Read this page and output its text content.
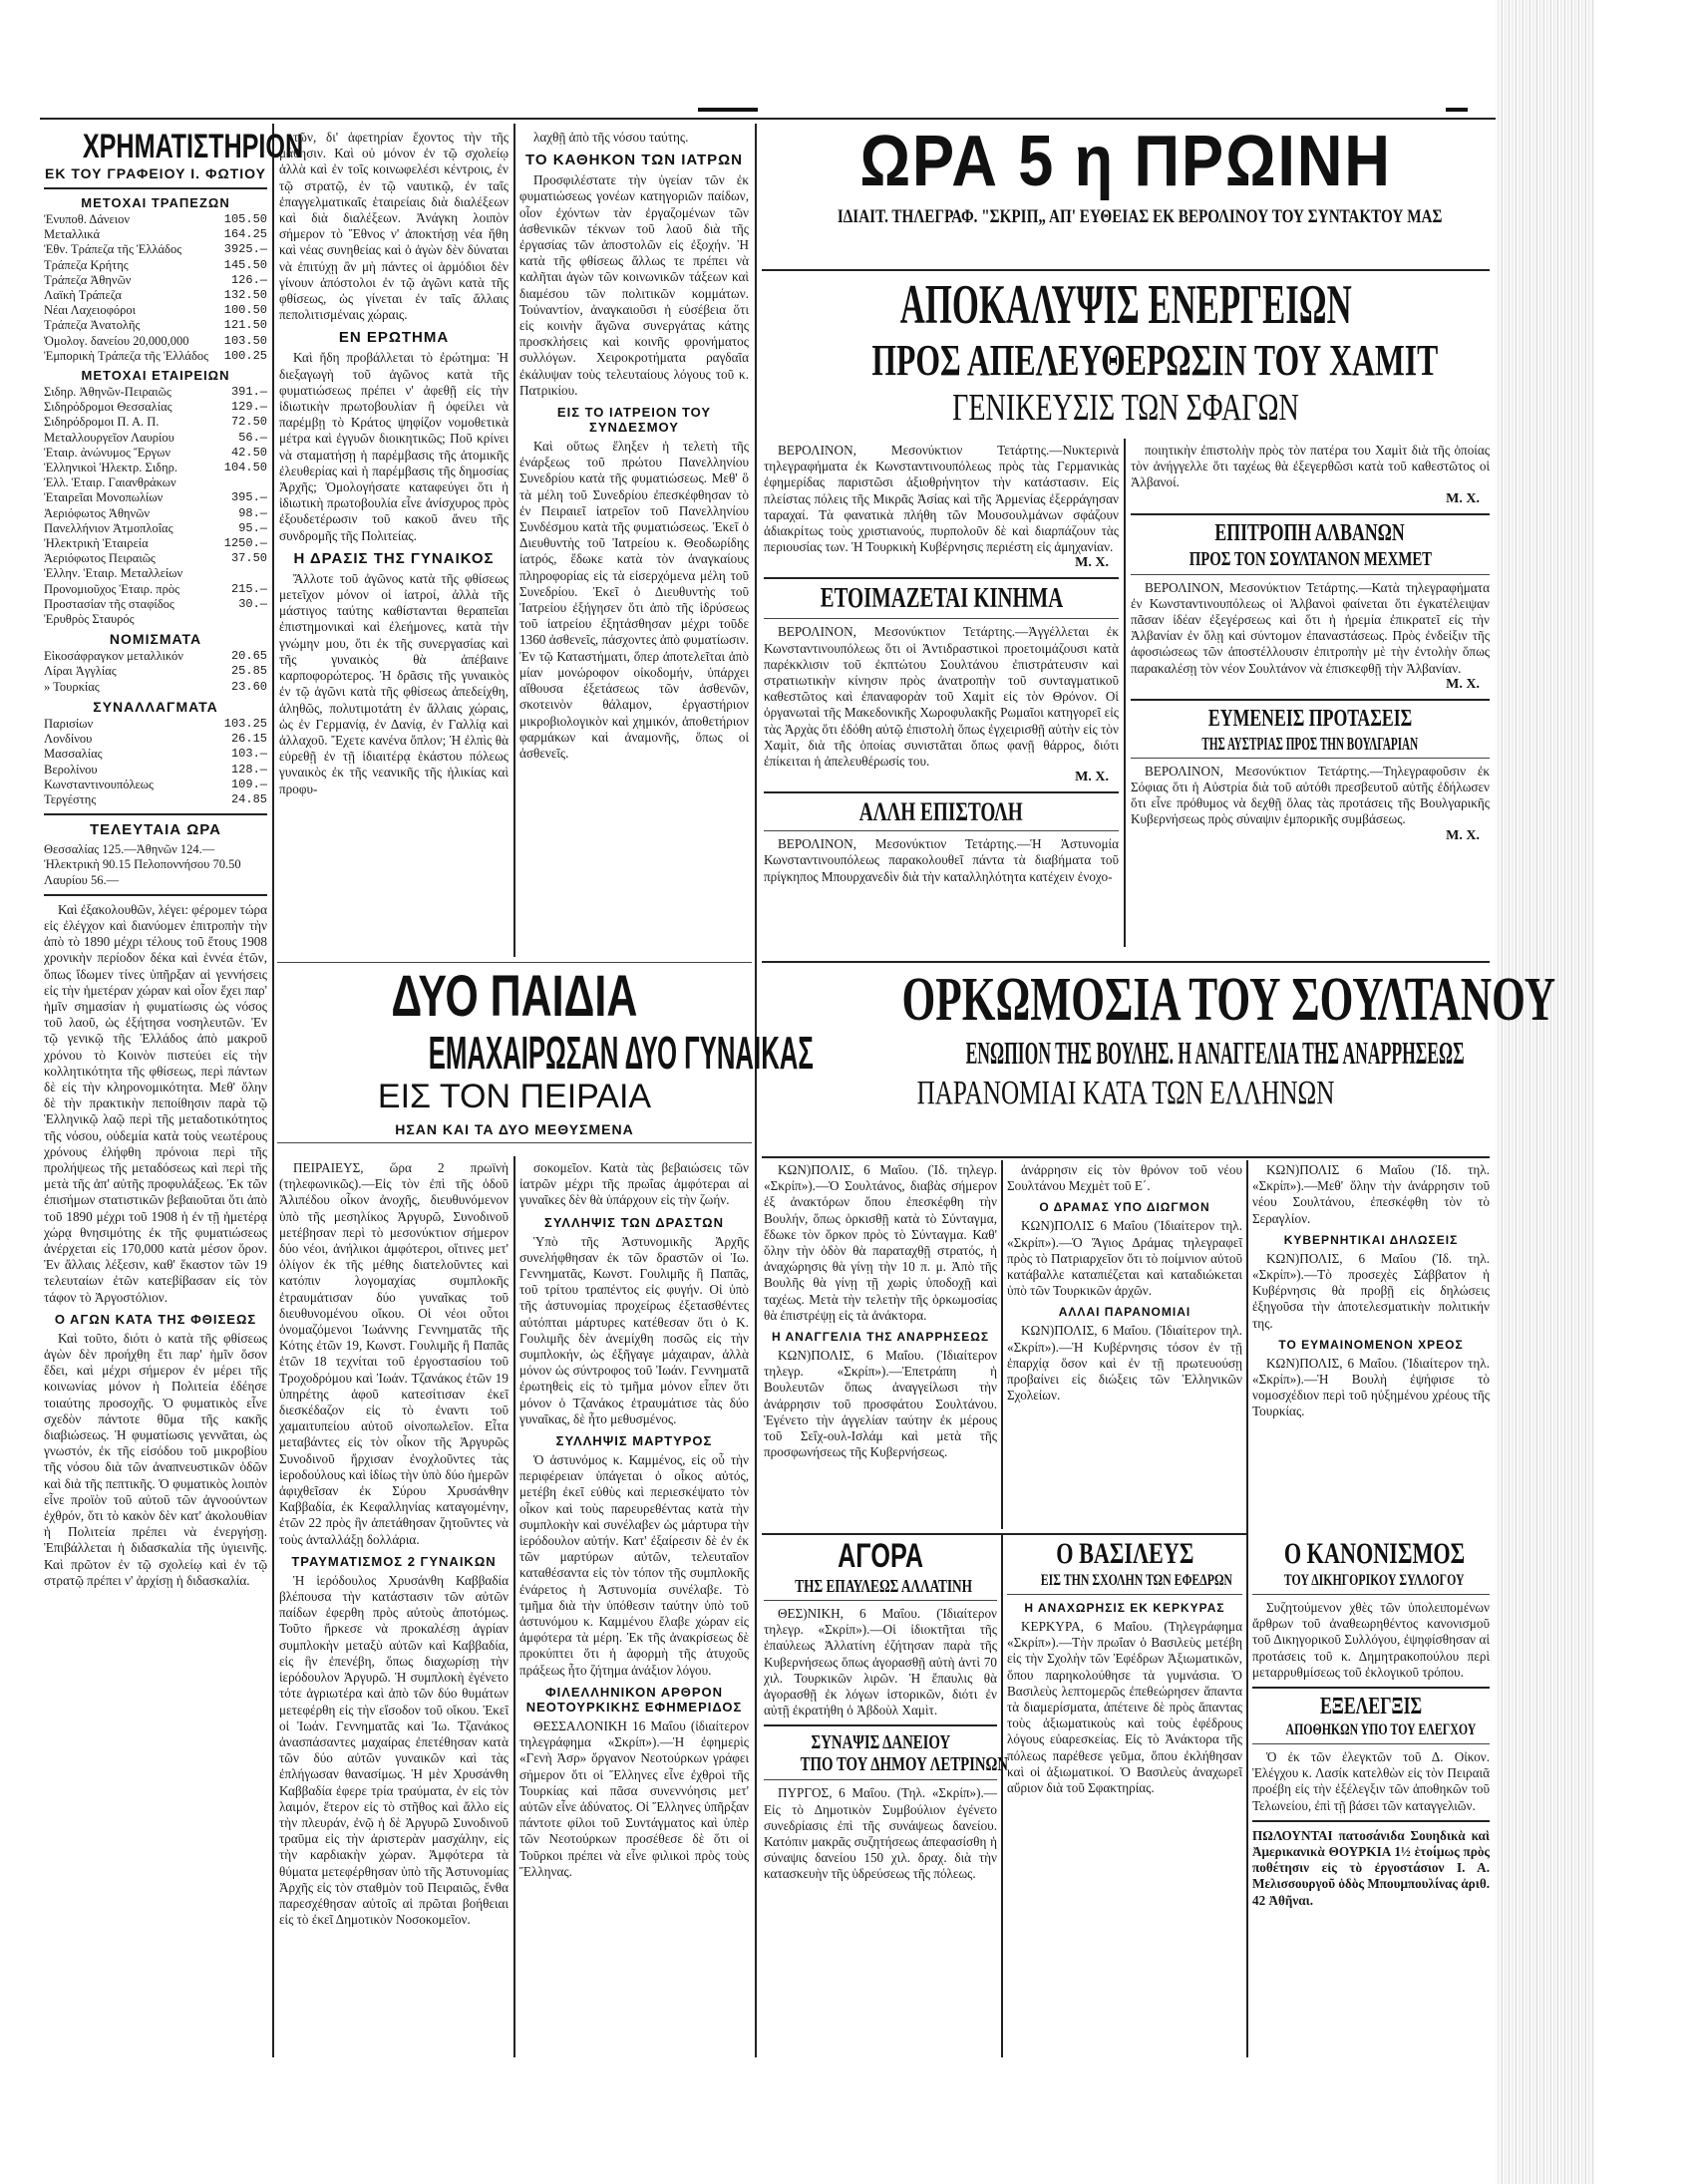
ΧΡΗΜΑΤΙΣΤΗΡΙΟΝ
ΕΚ ΤΟΥ ΓΡΑΦΕΙΟΥ Ι. ΦΩΤΙΟΥ
ΜΕΤΟΧΑΙ ΤΡΑΠΕΖΩΝ
Ἐνυποθ. Δάνειον	105.50
Μεταλλικά	164.25
Ἐθν. Τράπεζα τῆς Ἑλλάδος	3925.—
Τράπεζα Κρήτης	145.50
Τράπεζα Ἀθηνῶν	126.—
Λαϊκὴ Τράπεζα	132.50
Νέαι Λαχειοφόροι	100.50
Τράπεζα Ἀνατολῆς	121.50
Ὁμολογ. δανείου 20,000,000	103.50
Ἐμπορικὴ Τράπεζα τῆς Ἑλλάδος 100.25
ΜΕΤΟΧΑΙ ΕΤΑΙΡΕΙΩΝ
Σιδηρ. Ἀθηνῶν-Πειραιῶς	391.—
Σιδηρόδρομοι Θεσσαλίας	129.—
Σιδηρόδρομοι Π. Α. Π.	72.50
Μεταλλουργεῖον Λαυρίου	56.—
Ἑταιρ. ἀνώνυμος Ἔργων	42.50
Ἑλληνικοὶ Ἠλεκτρ. Σιδηρ.	104.50
Ἑλλ. Ἑταιρ. Γαιανθράκων
Ἑταιρεῖαι Μονοπωλίων	395.—
Ἀεριόφωτος Ἀθηνῶν	98.—
Πανελλήνιον Ἀτμοπλοΐας	95.—
Ἠλεκτρικὴ Ἑταιρεία	1250.—
Ἀεριόφωτος Πειραιῶς	37.50
Ἑλλην. Ἑταιρ. Μεταλλείων
Προνομιοῦχος Ἑταιρ. πρὸς	215.—
Προστασίαν τῆς σταφίδος	30.—
Ἐρυθρὸς Σταυρός
ΝΟΜΙΣΜΑΤΑ
Εἰκοσάφραγκον μεταλλικόν	20.65
Λίραι Ἀγγλίας	25.85
» Τουρκίας	23.60
ΣΥΝΑΛΛΑΓΜΑΤΑ
Παρισίων	103.25
Λονδίνου	26.15
Μασσαλίας	103.—
Βερολίνου	128.—
Κωνσταντινουπόλεως	109.—
Τεργέστης	24.85
ΤΕΛΕΥΤΑΙΑ ΩΡΑ
Θεσσαλίας 125.—Ἀθηνῶν 124.—
Ἠλεκτρικὴ 90.15 Πελοποννήσου 70.50
Λαυρίου 56.—
Καὶ ἐξακολουθῶν, λέγει: φέρομεν τώρα εἰς ἐλέγχον καὶ διανύομεν ἐπιτροπὴν τὴν ἀπὸ τὸ 1890 μέχρι τέλους τοῦ ἔτους 1908 χρονικὴν περίοδον δέκα καὶ ἑννέα ἐτῶν, ὅπως ἴδωμεν τίνες ὑπῆρξαν αἱ γεννήσεις εἰς τὴν ἡμετέραν χώραν καὶ οἷον ἔχει παρ' ἡμῖν σημασίαν ἡ φυματίωσις ὡς νόσος τοῦ λαοῦ, ὡς ἐξήτησα νοσηλευτῶν. Ἐν τῷ γενικῷ τῆς Ἑλλάδος ἀπὸ μακροῦ χρόνου τὸ Κοινὸν πιστεύει εἰς τὴν κολλητικότητα τῆς φθίσεως, περὶ πάντων δὲ εἰς τὴν κληρονομικότητα. Μεθ' ὅλην δὲ τὴν πρακτικὴν πεποίθησιν παρὰ τῷ Ἑλληνικῷ λαῷ περὶ τῆς μεταδοτικότητος τῆς νόσου, οὐδεμία κατὰ τοὺς νεωτέρους χρόνους ἐλήφθη πρόνοια περὶ τῆς προλήψεως τῆς μεταδόσεως καὶ περὶ τῆς μετὰ τῆς ἀπ' αὐτῆς προφυλάξεως. Ἐκ τῶν ἐπισήμων στατιστικῶν βεβαιοῦται ὅτι ἀπὸ τοῦ 1890 μέχρι τοῦ 1908 ἡ ἐν τῇ ἡμετέρᾳ χώρᾳ θνησιμότης ἐκ τῆς φυματιώσεως ἀνέρχεται εἰς 170,000 κατὰ μέσον ὅρον. Ἐν ἄλλαις λέξεσιν, καθ' ἕκαστον τῶν 19 τελευταίων ἐτῶν κατεβίβασαν εἰς τὸν τάφον τὸ Ἀργοστόλιον.
Ο ΑΓΩΝ ΚΑΤΑ ΤΗΣ ΦΘΙΣΕΩΣ
Καὶ τοῦτο, διότι ὁ κατὰ τῆς φθίσεως ἀγὼν δὲν προήχθη ἔτι παρ' ἡμῖν ὅσον ἔδει, καὶ μέχρι σήμερον ἐν μέρει τῆς κοινωνίας μόνον ἡ Πολιτεία ἐδέησε τοιαύτης προσοχῆς. Ὁ φυματικὸς εἶνε σχεδὸν πάντοτε θῦμα τῆς κακῆς διαβιώσεως. Ἡ φυματίωσις γεννᾶται, ὡς γνωστόν, ἐκ τῆς εἰσόδου τοῦ μικροβίου τῆς νόσου διὰ τῶν ἀναπνευστικῶν ὁδῶν καὶ διὰ τῆς πεπτικῆς. Ὁ φυματικὸς λοιπὸν εἶνε προϊὸν τοῦ αὐτοῦ τῶν ἀγνοούντων ἐχθρόν, ὅτι τὸ κακὸν δὲν κατ' ἀκολουθίαν ἡ Πολιτεία πρέπει νὰ ἐνεργήσῃ. Ἐπιβάλλεται ἡ διδασκαλία τῆς ὑγιεινῆς. Καὶ πρῶτον ἐν τῷ σχολείῳ καὶ ἐν τῷ στρατῷ πρέπει ν' ἀρχίσῃ ἡ διδασκαλία.
τῶν, δι' ἀφετηρίαν ἔχοντος τὴν τῆς μάθησιν. Καὶ οὐ μόνον ἐν τῷ σχολείῳ ἀλλὰ καὶ ἐν τοῖς κοινωφελέσι κέντροις, ἐν τῷ στρατῷ, ἐν τῷ ναυτικῷ, ἐν ταῖς ἐπαγγελματικαῖς ἑταιρείαις διὰ διαλέξεων καὶ διὰ διαλέξεων. Ἀνάγκη λοιπὸν σήμερον τὸ Ἔθνος ν' ἀποκτήσῃ νέα ἤθη καὶ νέας συνηθείας καὶ ὁ ἀγὼν δὲν δύναται νὰ ἐπιτύχῃ ἂν μὴ πάντες οἱ ἁρμόδιοι δὲν γίνουν ἀπόστολοι ἐν τῷ ἀγῶνι κατὰ τῆς φθίσεως, ὡς γίνεται ἐν ταῖς ἄλλαις πεπολιτισμέναις χώραις.
ΕΝ ΕΡΩΤΗΜΑ
Καὶ ἤδη προβάλλεται τὸ ἐρώτημα: Ἡ διεξαγωγὴ τοῦ ἀγῶνος κατὰ τῆς φυματιώσεως πρέπει ν' ἀφεθῇ εἰς τὴν ἰδιωτικὴν πρωτοβουλίαν ἢ ὀφείλει νὰ παρέμβῃ τὸ Κράτος ψηφίζον νομοθετικὰ μέτρα καὶ ἐγγυῶν διοικητικῶς; Ποῦ κρίνει νὰ σταματήσῃ ἡ παρέμβασις τῆς ἀτομικῆς ἐλευθερίας καὶ ἡ παρέμβασις τῆς δημοσίας Ἀρχῆς; Ὁμολογήσατε καταφεύγει ὅτι ἡ ἰδιωτικὴ πρωτοβουλία εἶνε ἀνίσχυρος πρὸς ἐξουδετέρωσιν τοῦ κακοῦ ἄνευ τῆς συνδρομῆς τῆς Πολιτείας.
Η ΔΡΑΣΙΣ ΤΗΣ ΓΥΝΑΙΚΟΣ
Ἄλλοτε τοῦ ἀγῶνος κατὰ τῆς φθίσεως μετεῖχον μόνον οἱ ἰατροί, ἀλλὰ τῆς μάστιγος ταύτης καθίστανται θεραπεῖαι ἐπιστημονικαὶ καὶ ἐλεήμονες, κατὰ τὴν γνώμην μου, ὅτι ἐκ τῆς συνεργασίας καὶ τῆς γυναικὸς θὰ ἀπέβαινε καρποφορώτερος. Ἡ δρᾶσις τῆς γυναικὸς ἐν τῷ ἀγῶνι κατὰ τῆς φθίσεως ἀπεδείχθη, ἀληθῶς, πολυτιμοτάτη ἐν ἄλλαις χώραις, ὡς ἐν Γερμανίᾳ, ἐν Δανίᾳ, ἐν Γαλλίᾳ καὶ ἀλλαχοῦ. Ἔχετε κανένα ὄπλον; Ἡ ἐλπὶς θὰ εὑρεθῇ ἐν τῇ ἰδιαιτέρᾳ ἑκάστου πόλεως γυναικὸς ἐκ τῆς νεανικῆς τῆς ἡλικίας καὶ προφυ-
λαχθῇ ἀπὸ τῆς νόσου ταύτης.
ΤΟ ΚΑΘΗΚΟΝ ΤΩΝ ΙΑΤΡΩΝ
Προσφιλέστατε τὴν ὑγείαν τῶν ἐκ φυματιώσεως γονέων κατηγοριῶν παίδων, οἷον ἐχόντων τὰν ἐργαζομένων τῶν ἀσθενικῶν τέκνων τοῦ λαοῦ διὰ τῆς ἐργασίας τῶν ἀποστολῶν εἰς ἐξοχήν. Ἡ κατὰ τῆς φθίσεως ἄλλως τε πρέπει νὰ καλῆται ἀγὼν τῶν κοινωνικῶν τάξεων καὶ διαμέσου τῶν πολιτικῶν κομμάτων. Τοὐναντίον, ἀναγκαιοῦσι ἡ εὐσέβεια ὅτι εἰς κοινὴν ἄγῶνα συνεργάτας κάτης προσκλήσεις καὶ κοινῆς φρονήματος συλλόγων. Χειροκροτήματα ραγδαῖα ἐκάλυψαν τοὺς τελευταίους λόγους τοῦ κ. Πατρικίου.
ΕΙΣ ΤΟ ΙΑΤΡΕΙΟΝ ΤΟΥ ΣΥΝΔΕΣΜΟΥ
Καὶ οὕτως ἔληξεν ἡ τελετὴ τῆς ἐνάρξεως τοῦ πρώτου Πανελληνίου Συνεδρίου κατὰ τῆς φυματιώσεως. Μεθ' ὃ τὰ μέλη τοῦ Συνεδρίου ἐπεσκέφθησαν τὸ ἐν Πειραιεῖ ἰατρεῖον τοῦ Πανελληνίου Συνδέσμου κατὰ τῆς φυματιώσεως. Ἐκεῖ ὁ Διευθυντὴς τοῦ Ἰατρείου κ. Θεοδωρίδης ἰατρός, ἔδωκε κατὰ τὸν ἀναγκαίους πληροφορίας εἰς τὰ εἰσερχόμενα μέλη τοῦ Συνεδρίου. Ἐκεῖ ὁ Διευθυντὴς τοῦ Ἰατρείου ἐξήγησεν ὅτι ἀπὸ τῆς ἱδρύσεως τοῦ ἰατρείου ἐξητάσθησαν μέχρι τοῦδε 1360 ἀσθενεῖς, πάσχοντες ἀπὸ φυματίωσιν. Ἐν τῷ Καταστήματι, ὅπερ ἀποτελεῖται ἀπὸ μίαν μονώροφον οἰκοδομήν, ὑπάρχει αἴθουσα ἐξετάσεως τῶν ἀσθενῶν, σκοτεινὸν θάλαμον, ἐργαστήριον μικροβιολογικὸν καὶ χημικόν, ἀποθετήριον φαρμάκων καὶ ἀναμονῆς, ὅπως οἱ ἀσθενεῖς.
ΔΥΟ ΠΑΙΔΙΑ
ΕΜΑΧΑΙΡΩΣΑΝ ΔΥΟ ΓΥΝΑΙΚΑΣ
ΕΙΣ ΤΟΝ ΠΕΙΡΑΙΑ
ΗΣΑΝ ΚΑΙ ΤΑ ΔΥΟ ΜΕΘΥΣΜΕΝΑ
ΠΕΙΡΑΙΕΥΣ, ὥρα 2 πρωϊνὴ (τηλεφωνικῶς).—Εἰς τὸν ἐπὶ τῆς ὁδοῦ Ἀλιπέδου οἶκον ἀνοχῆς, διευθυνόμενον ὑπὸ τῆς μεσηλίκος Ἀργυρῶ, Συνοδινοῦ μετέβησαν περὶ τὸ μεσονύκτιον σήμερον δύο νέοι, ἀνήλικοι ἀμφότεροι, οἵτινες μετ' ὀλίγον ἐκ τῆς μέθης διατελοῦντες καὶ κατόπιν λογομαχίας συμπλοκῆς ἐτραυμάτισαν δύο γυναῖκας τοῦ διευθυνομένου οἴκου. Οἱ νέοι οὗτοι ὀνομαζόμενοι Ἰωάννης Γεννηματᾶς τῆς Κότης ἐτῶν 19, Κωνστ. Γουλιμῆς ἢ Παπᾶς ἐτῶν 18 τεχνίται τοῦ ἐργοστασίου τοῦ Τροχοδρόμου καὶ Ἰωάν. Τζανάκος ἐτῶν 19 ὑπηρέτης ἀφοῦ κατεσίτισαν ἐκεῖ διεσκέδαζον εἰς τὸ ἐναντι τοῦ χαμαιτυπείου αὐτοῦ οἰνοπωλεῖον. Εἶτα μεταβάντες εἰς τὸν οἶκον τῆς Ἀργυρῶς Συνοδινοῦ ἤρχισαν ἐνοχλοῦντες τὰς ἱεροδούλους καὶ ἰδίως τὴν ὑπὸ δύο ἡμερῶν ἀφιχθεῖσαν ἐκ Σύρου Χρυσάνθην Καββαδία, ἐκ Κεφαλληνίας καταγομένην, ἐτῶν 22 πρὸς ἣν ἀπετάθησαν ζητοῦντες νὰ τοὺς ἀνταλλάξῃ δολλάρια.
ΤΡΑΥΜΑΤΙΣΜΟΣ 2 ΓΥΝΑΙΚΩΝ
Ἡ ἱερόδουλος Χρυσάνθη Καββαδία βλέπουσα τὴν κατάστασιν τῶν αὐτῶν παίδων ἐφερθη πρὸς αὐτοὺς ἀποτόμως. Τοῦτο ἤρκεσε νὰ προκαλέσῃ ἀγρίαν συμπλοκὴν μεταξὺ αὐτῶν καὶ Καββαδία, εἰς ἣν ἐπενέβη, ὅπως διαχωρίσῃ τὴν ἱερόδουλον Ἀργυρῶ. Ἡ συμπλοκὴ ἐγένετο τότε ἀγριωτέρα καὶ ἀπὸ τῶν δύο θυμάτων μετεφέρθη εἰς τὴν εἴσοδον τοῦ οἴκου. Ἐκεῖ οἱ Ἰωάν. Γεννηματᾶς καὶ Ἰω. Τζανάκος ἀνασπάσαντες μαχαίρας ἐπετέθησαν κατὰ τῶν δύο αὐτῶν γυναικῶν καὶ τὰς ἐπλήγωσαν θανασίμως. Ἡ μὲν Χρυσάνθη Καββαδία ἐφερε τρία τραύματα, ἐν εἰς τὸν λαιμόν, ἕτερον εἰς τὸ στῆθος καὶ ἄλλο εἰς τὴν πλευράν, ἐνῷ ἡ δὲ Ἀργυρῶ Συνοδινοῦ τραῦμα εἰς τὴν ἀριστερὰν μασχάλην, εἰς τὴν καρδιακὴν χώραν. Ἀμφότερα τὰ θύματα μετεφέρθησαν ὑπὸ τῆς Ἀστυνομίας Ἀρχῆς εἰς τὸν σταθμὸν τοῦ Πειραιῶς, ἔνθα παρεσχέθησαν αὐτοῖς αἱ πρῶται βοήθειαι εἰς τὸ ἐκεῖ Δημοτικὸν Νοσοκομεῖον.
σοκομεῖον. Κατὰ τὰς βεβαιώσεις τῶν ἰατρῶν μέχρι τῆς πρωΐας ἀμφότεραι αἱ γυναῖκες δὲν θὰ ὑπάρχουν εἰς τὴν ζωήν.
ΣΥΛΛΗΨΙΣ ΤΩΝ ΔΡΑΣΤΩΝ
Ὑπὸ τῆς Ἀστυνομικῆς Ἀρχῆς συνελήφθησαν ἐκ τῶν δραστῶν οἱ Ἰω. Γεννηματᾶς, Κωνστ. Γουλιμῆς ἢ Παπᾶς, τοῦ τρίτου τραπέντος εἰς φυγήν. Οἱ ὑπὸ τῆς ἀστυνομίας προχείρως ἐξετασθέντες αὐτόπται μάρτυρες κατέθεσαν ὅτι ὁ Κ. Γουλιμῆς δὲν ἀνεμίχθη ποσῶς εἰς τὴν συμπλοκήν, ὡς ἐξῆγαγε μάχαιραν, ἀλλὰ μόνον ὡς σύντροφος τοῦ Ἰωάν. Γεννηματᾶ ἐρωτηθεὶς εἰς τὸ τμῆμα μόνον εἶπεν ὅτι μόνον ὁ Τζανάκος ἐτραυμάτισε τὰς δύο γυναῖκας, δὲ ἦτο μεθυσμένος.
ΣΥΛΛΗΨΙΣ ΜΑΡΤΥΡΟΣ
Ὁ ἀστυνόμος κ. Καμμένος, εἰς οὗ τὴν περιφέρειαν ὑπάγεται ὁ οἶκος αὐτός, μετέβη ἐκεῖ εὐθὺς καὶ περιεσκέψατο τὸν οἶκον καὶ τοὺς παρευρεθέντας κατὰ τὴν συμπλοκὴν καὶ συνέλαβεν ὡς μάρτυρα τὴν ἱερόδουλον αὐτήν. Κατ' ἐξαίρεσιν δὲ ἐν ἐκ τῶν μαρτύρων αὐτῶν, τελευταῖον καταθέσαντα εἰς τὸν τόπον τῆς συμπλοκῆς ἐνάρετος ἡ Ἀστυνομία συνέλαβε. Τὸ τμῆμα διὰ τὴν ὑπόθεσιν ταύτην ὑπὸ τοῦ ἀστυνόμου κ. Καμμένου ἔλαβε χώραν εἰς ἀμφότερα τὰ μέρη. Ἐκ τῆς ἀνακρίσεως δὲ προκύπτει ὅτι ἡ ἀφορμὴ τῆς ἀτυχοῦς πράξεως ἦτο ζήτημα ἀνάξιον λόγου.
ΦΙΛΕΛΛΗΝΙΚΟΝ ΑΡΘΡΟΝ ΝΕΟΤΟΥΡΚΙΚΗΣ ΕΦΗΜΕΡΙΔΟΣ
ΘΕΣΣΑΛΟΝΙΚΗ 16 Μαΐου (ἰδιαίτερον τηλεγράφημα «Σκρίπ»).—Ἡ ἐφημερὶς «Γενὴ Ἀσρ» ὄργανον Νεοτούρκων γράφει σήμερον ὅτι οἱ Ἕλληνες εἶνε ἐχθροὶ τῆς Τουρκίας καὶ πᾶσα συνεννόησις μετ' αὐτῶν εἶνε ἀδύνατος. Οἱ Ἕλληνες ὑπῆρξαν πάντοτε φίλοι τοῦ Συντάγματος καὶ ὑπὲρ τῶν Νεοτούρκων προσέθεσε δὲ ὅτι οἱ Τοῦρκοι πρέπει νὰ εἶνε φιλικοὶ πρὸς τοὺς Ἕλληνας.
ΩΡΑ 5 η ΠΡΩΙΝΗ
ΙΔΙΑΙΤ. ΤΗΛΕΓΡΑΦ. "ΣΚΡΙΠ„ ΑΠ' ΕΥΘΕΙΑΣ ΕΚ ΒΕΡΟΛΙΝΟΥ ΤΟΥ ΣΥΝΤΑΚΤΟΥ ΜΑΣ
ΑΠΟΚΑΛΥΨΙΣ ΕΝΕΡΓΕΙΩΝ
ΠΡΟΣ ΑΠΕΛΕΥΘΕΡΩΣΙΝ ΤΟΥ ΧΑΜΙΤ
ΓΕΝΙΚΕΥΣΙΣ ΤΩΝ ΣΦΑΓΩΝ
ΒΕΡΟΛΙΝΟΝ, Μεσονύκτιον Τετάρτης.—Νυκτερινὰ τηλεγραφήματα ἐκ Κωνσταντινουπόλεως πρὸς τὰς Γερμανικὰς ἐφημερίδας παριστῶσι ἀξιοθρήνητον τὴν κατάστασιν. Εἰς πλείστας πόλεις τῆς Μικρᾶς Ἀσίας καὶ τῆς Ἀρμενίας ἐξερράγησαν ταραχαί. Τὰ φανατικὰ πλήθη τῶν Μουσουλμάνων σφάζουν ἀδιακρίτως τοὺς χριστιανούς, πυρπολοῦν δὲ καὶ διαρπάζουν τὰς περιουσίας των. Ἡ Τουρκικὴ Κυβέρνησις περιέστη εἰς ἀμηχανίαν.
Μ. Χ.
ΕΤΟΙΜΑΖΕΤΑΙ ΚΙΝΗΜΑ
ΒΕΡΟΛΙΝΟΝ, Μεσονύκτιον Τετάρτης.—Ἀγγέλλεται ἐκ Κωνσταντινουπόλεως ὅτι οἱ Ἀντιδραστικοὶ προετοιμάζουσι κατὰ παρέκκλισιν τοῦ ἐκπτώτου Σουλτάνου ἐπιστράτευσιν καὶ στρατιωτικὴν κίνησιν πρὸς ἀνατροπὴν τοῦ συνταγματικοῦ καθεστῶτος καὶ ἐπαναφορὰν τοῦ Χαμὶτ εἰς τὸν Θρόνον. Οἱ ὀργανωταὶ τῆς Μακεδονικῆς Χωροφυλακῆς Ρωμαῖοι κατηγορεῖ εἰς τὰς Ἀρχὰς ὅτι ἐδόθη αὐτῷ ἐπιστολὴ ὅπως ἐγχειρισθῇ αὐτὴν εἰς τὸν Χαμὶτ, διὰ τῆς ὁποίας συνιστᾶται ὅπως φανῇ θάρρος, διότι ἐπίκειται ἡ ἀπελευθέρωσίς του.
Μ. Χ.
ΑΛΛΗ ΕΠΙΣΤΟΛΗ
ΒΕΡΟΛΙΝΟΝ, Μεσονύκτιον Τετάρτης.—Ἡ Ἀστυνομία Κωνσταντινουπόλεως παρακολουθεῖ πάντα τὰ διαβήματα τοῦ πρίγκηπος Μπουρχανεδὶν διὰ τὴν καταλληλότητα κατέχειν ἐνοχο-
ποιητικὴν ἐπιστολὴν πρὸς τὸν πατέρα του Χαμὶτ διὰ τῆς ὁποίας τὸν ἀνήγγελλε ὅτι ταχέως θὰ ἐξεγερθῶσι κατὰ τοῦ καθεστῶτος οἱ Ἀλβανοί.
Μ. Χ.
ΕΠΙΤΡΟΠΗ ΑΛΒΑΝΩΝ
ΠΡΟΣ ΤΟΝ ΣΟΥΛΤΑΝΟΝ ΜΕΧΜΕΤ
ΒΕΡΟΛΙΝΟΝ, Μεσονύκτιον Τετάρτης.—Κατὰ τηλεγραφήματα ἐν Κωνσταντινουπόλεως οἱ Ἀλβανοὶ φαίνεται ὅτι ἐγκατέλειψαν πᾶσαν ἰδέαν ἐξεγέρσεως καὶ ὅτι ἡ ἠρεμία ἐπικρατεῖ εἰς τὴν Ἀλβανίαν ἐν ὅλῃ καὶ σύντομον ἐπαναστάσεως. Πρὸς ἐνδείξιν τῆς ἀφοσιώσεως τῶν ἀποστέλλουσιν ἐπιτροπὴν μὲ τὴν ἐντολὴν ὅπως παρακαλέσῃ τὸν νέον Σουλτάνον νὰ ἐπισκεφθῇ τὴν Ἀλβανίαν.
Μ. Χ.
ΕΥΜΕΝΕΙΣ ΠΡΟΤΑΣΕΙΣ
ΤΗΣ ΑΥΣΤΡΙΑΣ ΠΡΟΣ ΤΗΝ ΒΟΥΛΓΑΡΙΑΝ
ΒΕΡΟΛΙΝΟΝ, Μεσονύκτιον Τετάρτης.—Τηλεγραφοῦσιν ἐκ Σόφιας ὅτι ἡ Αὐστρία διὰ τοῦ αὐτόθι πρεσβευτοῦ αὐτῆς ἐδήλωσεν ὅτι εἶνε πρόθυμος νὰ δεχθῇ ὅλας τὰς προτάσεις τῆς Βουλγαρικῆς Κυβερνήσεως πρὸς σύναψιν ἐμπορικῆς συμβάσεως.
Μ. Χ.
ΟΡΚΩΜΟΣΙΑ ΤΟΥ ΣΟΥΛΤΑΝΟΥ
ΕΝΩΠΙΟΝ ΤΗΣ ΒΟΥΛΗΣ. Η ΑΝΑΓΓΕΛΙΑ ΤΗΣ ΑΝΑΡΡΗΣΕΩΣ
ΠΑΡΑΝΟΜΙΑΙ ΚΑΤΑ ΤΩΝ ΕΛΛΗΝΩΝ
ΚΩΝ)ΠΟΛΙΣ, 6 Μαΐου. (Ἰδ. τηλεγρ. «Σκρίπ»).—Ὁ Σουλτάνος, διαβὰς σήμερον ἐξ ἀνακτόρων ὅπου ἐπεσκέφθη τὴν Βουλήν, ὅπως ὁρκισθῇ κατὰ τὸ Σύνταγμα, ἔδωκε τὸν ὅρκον πρὸς τὸ Σύνταγμα. Καθ' ὅλην τὴν ὁδὸν θὰ παραταχθῇ στρατός, ἡ ἀναχώρησις θὰ γίνῃ τὴν 10 π. μ. Ἀπὸ τῆς Βουλῆς θὰ γίνῃ τῇ χωρὶς ὑποδοχῇ καὶ ταχέως. Μετὰ τὴν τελετὴν τῆς ὁρκωμοσίας θὰ ἐπιστρέψῃ εἰς τὰ ἀνάκτορα.
Η ΑΝΑΓΓΕΛΙΑ ΤΗΣ ΑΝΑΡΡΗΣΕΩΣ
ΚΩΝ)ΠΟΛΙΣ, 6 Μαΐου. (Ἰδιαίτερον τηλεγρ. «Σκρίπ»).—Ἐπετράπη ἡ Βουλευτῶν ὅπως ἀναγγείλωσι τὴν ἀνάρρησιν τοῦ προσφάτου Σουλτάνου. Ἐγένετο τὴν ἀγγελίαν ταύτην ἐκ μέρους τοῦ Σεΐχ-ουλ-Ισλάμ καὶ μετὰ τῆς προσφωνήσεως τῆς Κυβερνήσεως.
ἀνάρρησιν εἰς τὸν θρόνον τοῦ νέου Σουλτάνου Μεχμὲτ τοῦ Ε΄.
Ο ΔΡΑΜΑΣ ΥΠΟ ΔΙΩΓΜΟΝ
ΚΩΝ)ΠΟΛΙΣ 6 Μαΐου (Ἰδιαίτερον τηλ. «Σκρίπ»).—Ὁ Ἅγιος Δράμας τηλεγραφεῖ πρὸς τὸ Πατριαρχεῖον ὅτι τὸ ποίμνιον αὐτοῦ κατάβαλλε καταπιέζεται καὶ καταδιώκεται ὑπὸ τῶν Τουρκικῶν ἀρχῶν.
ΑΛΛΑΙ ΠΑΡΑΝΟΜΙΑΙ
ΚΩΝ)ΠΟΛΙΣ, 6 Μαΐου. (Ἰδιαίτερον τηλ. «Σκρίπ»).—Ἡ Κυβέρνησις τόσον ἐν τῇ ἐπαρχίᾳ ὅσον καὶ ἐν τῇ πρωτευούσῃ προβαίνει εἰς διώξεις τῶν Ἑλληνικῶν Σχολείων.
ΚΩΝ)ΠΟΛΙΣ 6 Μαΐου (Ἰδ. τηλ. «Σκρίπ»).—Μεθ' ὅλην τὴν ἀνάρρησιν τοῦ νέου Σουλτάνου, ἐπεσκέφθη τὸν τὸ Σεραγλίον.
ΚΥΒΕΡΝΗΤΙΚΑΙ ΔΗΛΩΣΕΙΣ
ΚΩΝ)ΠΟΛΙΣ, 6 Μαΐου (Ἰδ. τηλ. «Σκρίπ»).—Τὸ προσεχὲς Σάββατον ἡ Κυβέρνησις θὰ προβῇ εἰς δηλώσεις ἐξηγοῦσα τὴν ἀποτελεσματικὴν πολιτικήν της.
ΤΟ ΕΥΜΑΙΝΟΜΕΝΟΝ ΧΡΕΟΣ
ΚΩΝ)ΠΟΛΙΣ, 6 Μαΐου. (Ἰδιαίτερον τηλ. «Σκρίπ»).—Ἡ Βουλὴ ἐψήφισε τὸ νομοσχέδιον περὶ τοῦ ηὐξημένου χρέους τῆς Τουρκίας.
ΑΓΟΡΑ
ΤΗΣ ΕΠΑΥΛΕΩΣ ΑΛΛΑΤΙΝΗ
ΘΕΣ)ΝΙΚΗ, 6 Μαΐου. (Ἰδιαίτερον τηλεγρ. «Σκρίπ»).—Οἱ ἰδιοκτῆται τῆς ἐπαύλεως Ἀλλατίνη ἐζήτησαν παρὰ τῆς Κυβερνήσεως ὅπως ἀγορασθῇ αὐτὴ ἀντὶ 70 χιλ. Τουρκικῶν λιρῶν. Ἡ ἔπαυλις θὰ ἀγορασθῇ ἐκ λόγων ἱστορικῶν, διότι ἐν αὐτῇ ἐκρατήθη ὁ Ἀβδοὺλ Χαμὶτ.
ΣΥΝΑΨΙΣ ΔΑΝΕΙΟΥ
ΤΠΟ ΤΟΥ ΔΗΜΟΥ ΛΕΤΡΙΝΩΝ
ΠΥΡΓΟΣ, 6 Μαΐου. (Τηλ. «Σκρίπ»).—Εἰς τὸ Δημοτικὸν Συμβούλιον ἐγένετο συνεδρίασις ἐπὶ τῆς συνάψεως δανείου. Κατόπιν μακρᾶς συζητήσεως ἀπεφασίσθη ἡ σύναψις δανείου 150 χιλ. δραχ. διὰ τὴν κατασκευὴν τῆς ὑδρεύσεως τῆς πόλεως.
Ο ΒΑΣΙΛΕΥΣ
ΕΙΣ ΤΗΝ ΣΧΟΛΗΝ ΤΩΝ ΕΦΕΔΡΩΝ
Η ΑΝΑΧΩΡΗΣΙΣ ΕΚ ΚΕΡΚΥΡΑΣ
ΚΕΡΚΥΡΑ, 6 Μαΐου. (Τηλεγράφημα «Σκρίπ»).—Τὴν πρωΐαν ὁ Βασιλεὺς μετέβη εἰς τὴν Σχολὴν τῶν Ἐφέδρων Ἀξιωματικῶν, ὅπου παρηκολούθησε τὰ γυμνάσια. Ὁ Βασιλεὺς λεπτομερῶς ἐπεθεώρησεν ἅπαντα τὰ διαμερίσματα, ἀπέτεινε δὲ πρὸς ἅπαντας τοὺς ἀξιωματικοὺς καὶ τοὺς ἐφέδρους λόγους εὐαρεσκείας. Εἰς τὸ Ἀνάκτορα τῆς πόλεως παρέθεσε γεῦμα, ὅπου ἐκλήθησαν καὶ οἱ ἀξιωματικοί. Ὁ Βασιλεὺς ἀναχωρεῖ αὔριον διὰ τοῦ Σφακτηρίας.
Ο ΚΑΝΟΝΙΣΜΟΣ
ΤΟΥ ΔΙΚΗΓΟΡΙΚΟΥ ΣΥΛΛΟΓΟΥ
Συζητούμενον χθὲς τῶν ὑπολειπομένων ἄρθρων τοῦ ἀναθεωρηθέντος κανονισμοῦ τοῦ Δικηγορικοῦ Συλλόγου, ἐψηφίσθησαν αἱ προτάσεις τοῦ κ. Δημητρακοπούλου περὶ μεταρρυθμίσεως τοῦ ἐκλογικοῦ τρόπου.
ΕΞΕΛΕΓΞΙΣ
ΑΠΟΘΗΚΩΝ ΥΠΟ ΤΟΥ ΕΛΕΓΧΟΥ
Ὁ ἐκ τῶν ἐλεγκτῶν τοῦ Δ. Οἰκον. Ἐλέγχου κ. Λασίκ κατελθὼν εἰς τὸν Πειραιᾶ προέβη εἰς τὴν ἐξέλεγξιν τῶν ἀποθηκῶν τοῦ Τελωνείου, ἐπὶ τῇ βάσει τῶν καταγγελιῶν.
ΠΩΛΟΥΝΤΑΙ πατοσάνιδα Σουηδικὰ καὶ Ἀμερικανικὰ ΘΟΥΡΚΙΑ 1½ ἑτοίμως πρὸς ποθέτησιν εἰς τὸ ἐργοστάσιον Ι. Α. Μελισσουργοῦ ὁδὸς Μπουμπουλίνας ἀριθ. 42 Ἀθῆναι.
